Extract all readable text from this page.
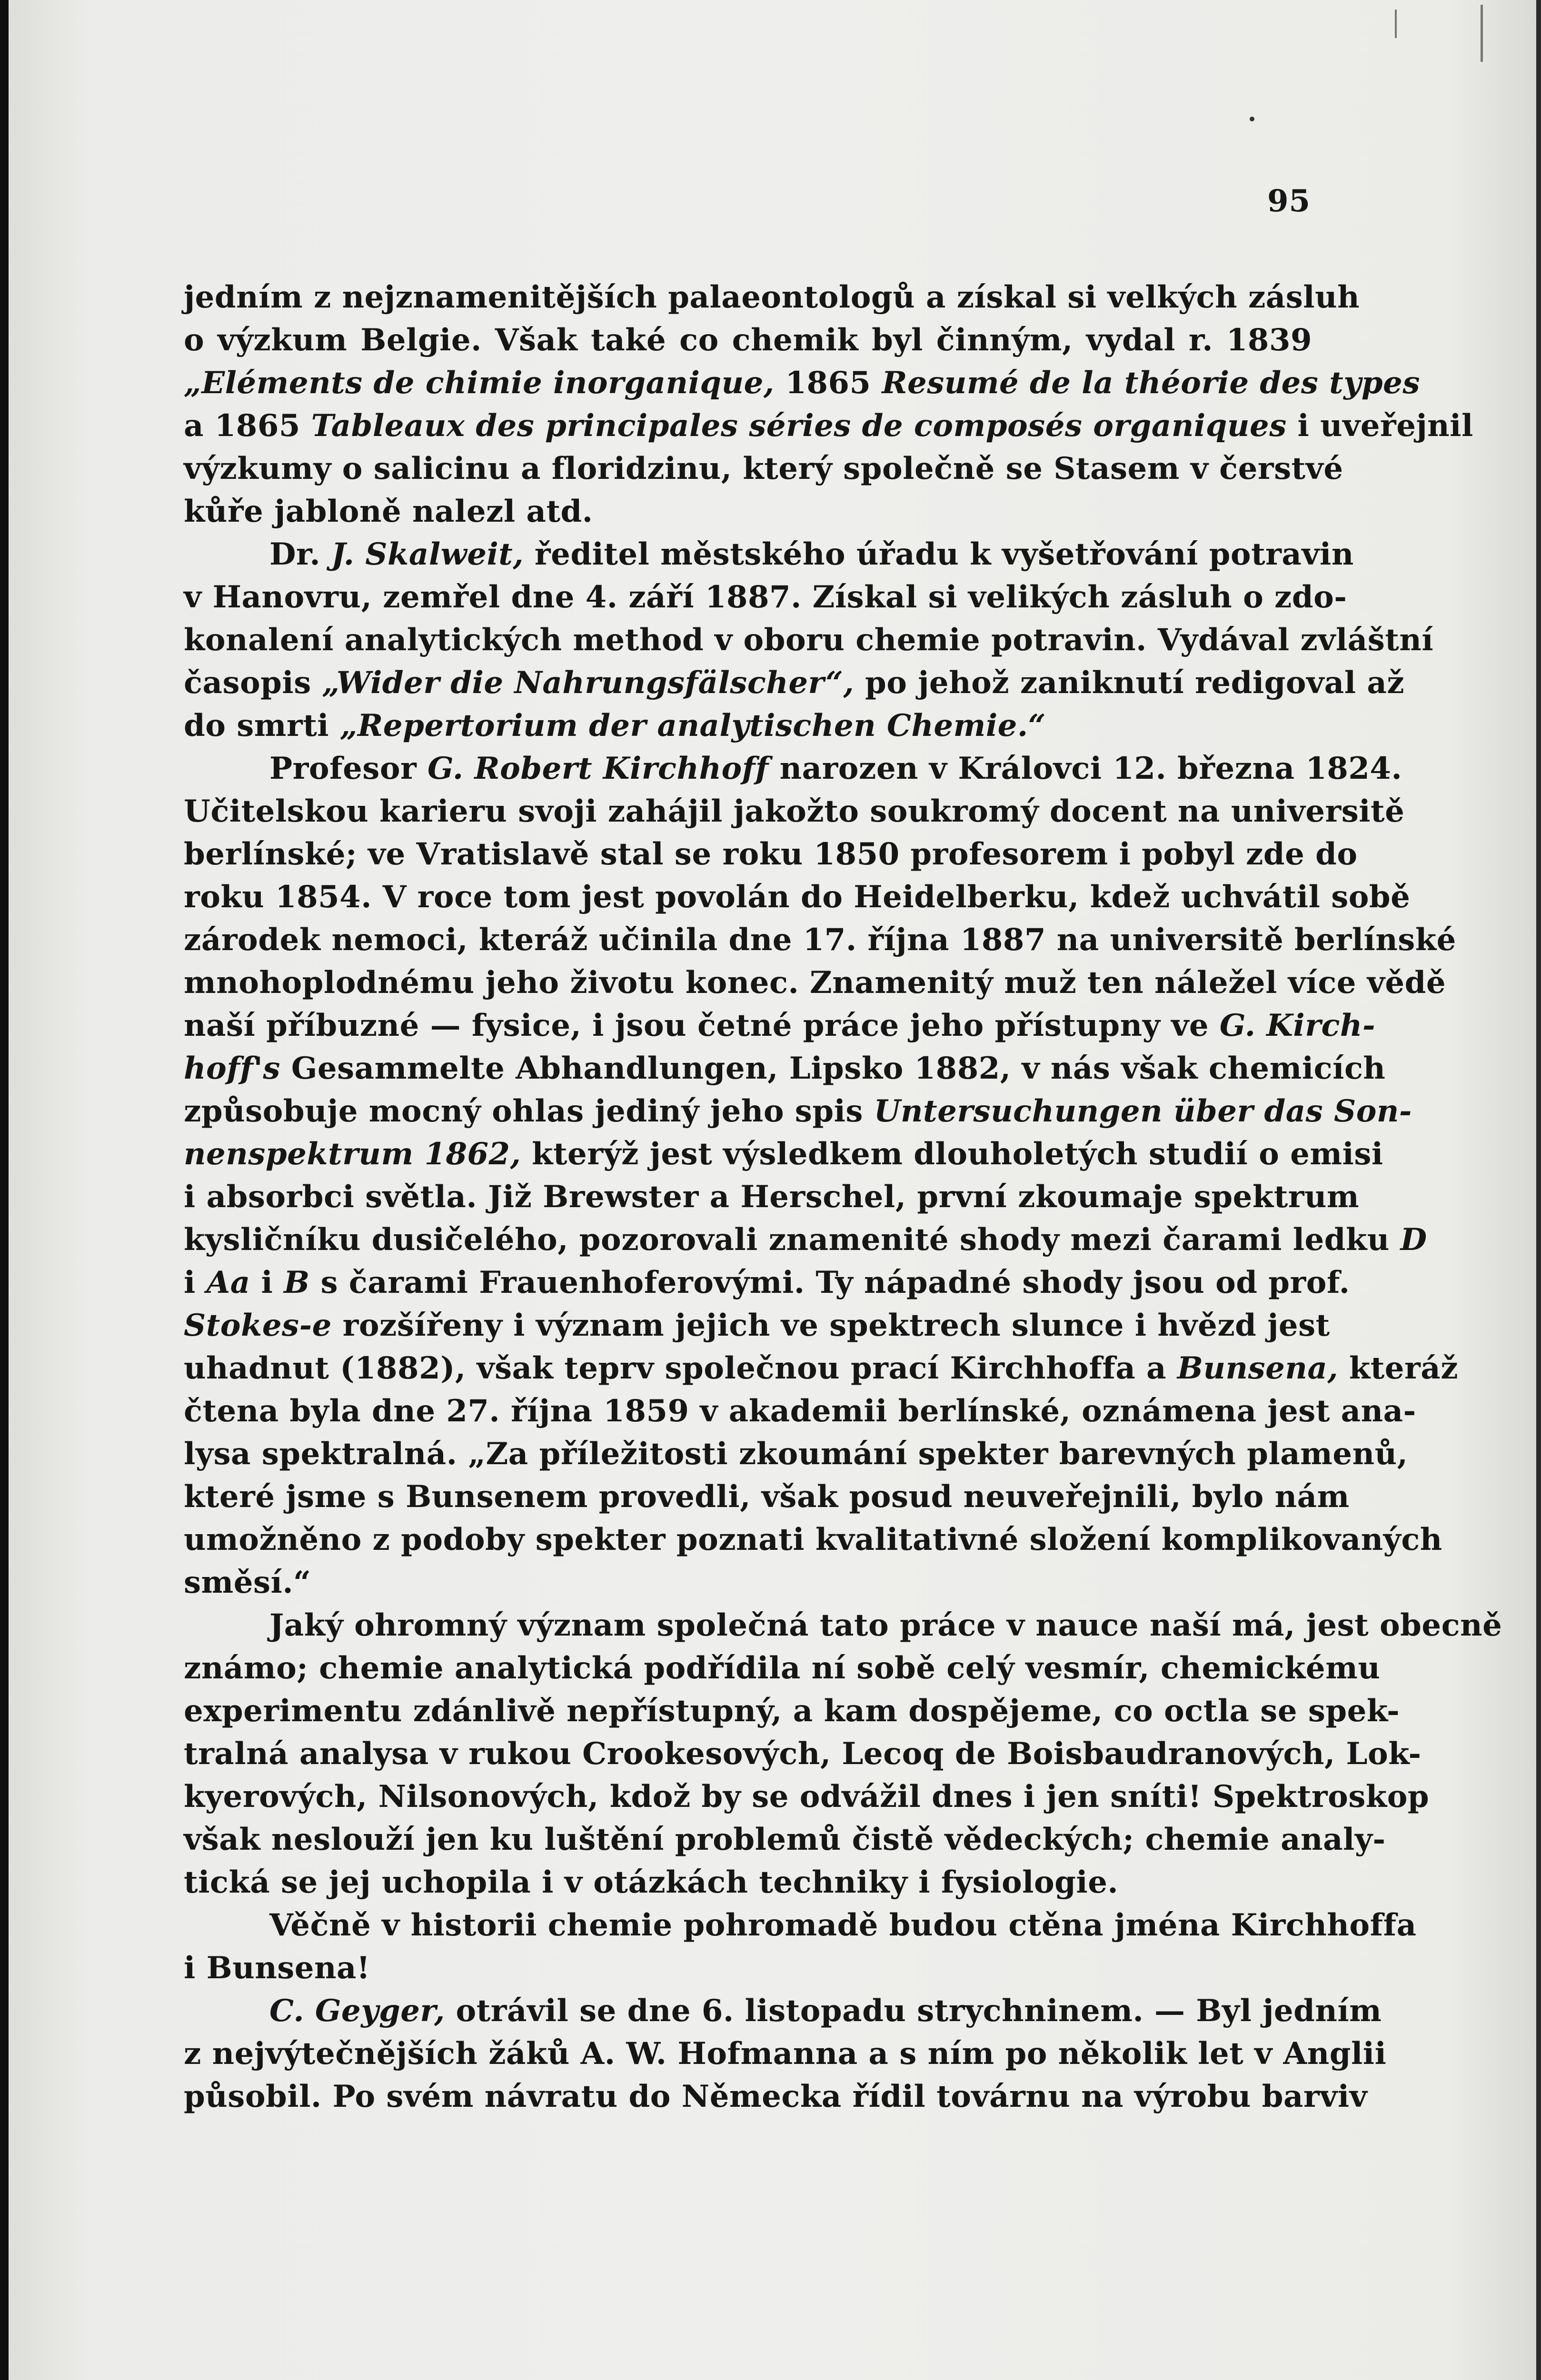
95
jedním z nejznamenitějších palaeontologů a získal si velkých zásluh
o výzkum Belgie. Však také co chemik byl činným, vydal r. 1839
„Eléments de chimie inorganique, 1865 Resumé de la théorie des types
a 1865 Tableaux des principales séries de composés organiques i uveřejnil
výzkumy o salicinu a floridzinu, který společně se Stasem v čerstvé
kůře jabloně nalezl atd.
Dr. J. Skalweit, ředitel městského úřadu k vyšetřování potravin
v Hanovru, zemřel dne 4. září 1887. Získal si velikých zásluh o zdo-
konalení analytických method v oboru chemie potravin. Vydával zvláštní
časopis „Wider die Nahrungsfälscher“, po jehož zaniknutí redigoval až
do smrti „Repertorium der analytischen Chemie.“
Profesor G. Robert Kirchhoff narozen v Královci 12. března 1824.
Učitelskou karieru svoji zahájil jakožto soukromý docent na universitě
berlínské; ve Vratislavě stal se roku 1850 profesorem i pobyl zde do
roku 1854. V roce tom jest povolán do Heidelberku, kdež uchvátil sobě
zárodek nemoci, kteráž učinila dne 17. října 1887 na universitě berlínské
mnohoplodnému jeho životu konec. Znamenitý muž ten náležel více vědě
naší příbuzné — fysice, i jsou četné práce jeho přístupny ve G. Kirch-
hoff's Gesammelte Abhandlungen, Lipsko 1882, v nás však chemicích
způsobuje mocný ohlas jediný jeho spis Untersuchungen über das Son-
nenspektrum 1862, kterýž jest výsledkem dlouholetých studií o emisi
i absorbci světla. Již Brewster a Herschel, první zkoumaje spektrum
kysličníku dusičelého, pozorovali znamenité shody mezi čarami ledku D
i Aa i B s čarami Frauenhoferovými. Ty nápadné shody jsou od prof.
Stokes-e rozšířeny i význam jejich ve spektrech slunce i hvězd jest
uhadnut (1882), však teprv společnou prací Kirchhoffa a Bunsena, kteráž
čtena byla dne 27. října 1859 v akademii berlínské, oznámena jest ana-
lysa spektralná. „Za příležitosti zkoumání spekter barevných plamenů,
které jsme s Bunsenem provedli, však posud neuveřejnili, bylo nám
umožněno z podoby spekter poznati kvalitativné složení komplikovaných
směsí.“
Jaký ohromný význam společná tato práce v nauce naší má, jest obecně
známo; chemie analytická podřídila ní sobě celý vesmír, chemickému
experimentu zdánlivě nepřístupný, a kam dospějeme, co octla se spek-
tralná analysa v rukou Crookesových, Lecoq de Boisbaudranových, Lok-
kyerových, Nilsonových, kdož by se odvážil dnes i jen sníti! Spektroskop
však neslouží jen ku luštění problemů čistě vědeckých; chemie analy-
tická se jej uchopila i v otázkách techniky i fysiologie.
Věčně v historii chemie pohromadě budou ctěna jména Kirchhoffa
i Bunsena!
C. Geyger, otrávil se dne 6. listopadu strychninem. — Byl jedním
z nejvýtečnějších žáků A. W. Hofmanna a s ním po několik let v Anglii
působil. Po svém návratu do Německa řídil továrnu na výrobu barviv
